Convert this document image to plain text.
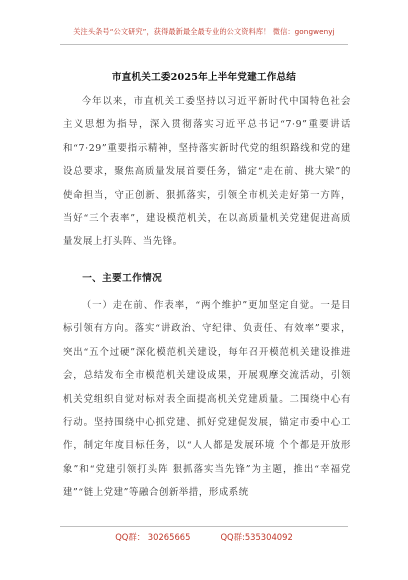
关注头条号“公文研究”，获得最新最全最专业的公文资料库！ 微信：gongwenyj
市直机关工委2025年上半年党建工作总结
今年以来，市直机关工委坚持以习近平新时代中国特色社会主义思想为指导，深入贯彻落实习近平总书记“7·9”重要讲话和“7·29”重要指示精神，坚持落实新时代党的组织路线和党的建设总要求，聚焦高质量发展首要任务，锚定“走在前、挑大梁”的使命担当，守正创新、狠抓落实，引领全市机关走好第一方阵，当好“三个表率”，建设模范机关，在以高质量机关党建促进高质量发展上打头阵、当先锋。
一、主要工作情况
（一）走在前、作表率，“两个维护”更加坚定自觉。一是目标引领有方向。落实“讲政治、守纪律、负责任、有效率”要求，突出“五个过硬”深化模范机关建设，每年召开模范机关建设推进会，总结发布全市模范机关建设成果，开展观摩交流活动，引领机关党组织自觉对标对表全面提高机关党建质量。二围绕中心有行动。坚持围绕中心抓党建、抓好党建促发展，锚定市委中心工作，制定年度目标任务，以“人人都是发展环境 个个都是开放形象”和“党建引领打头阵 狠抓落实当先锋”为主题，推出“幸福党建”“链上党建”等融合创新举措，形成系统
QQ群： 30265665	QQ群:535304092
